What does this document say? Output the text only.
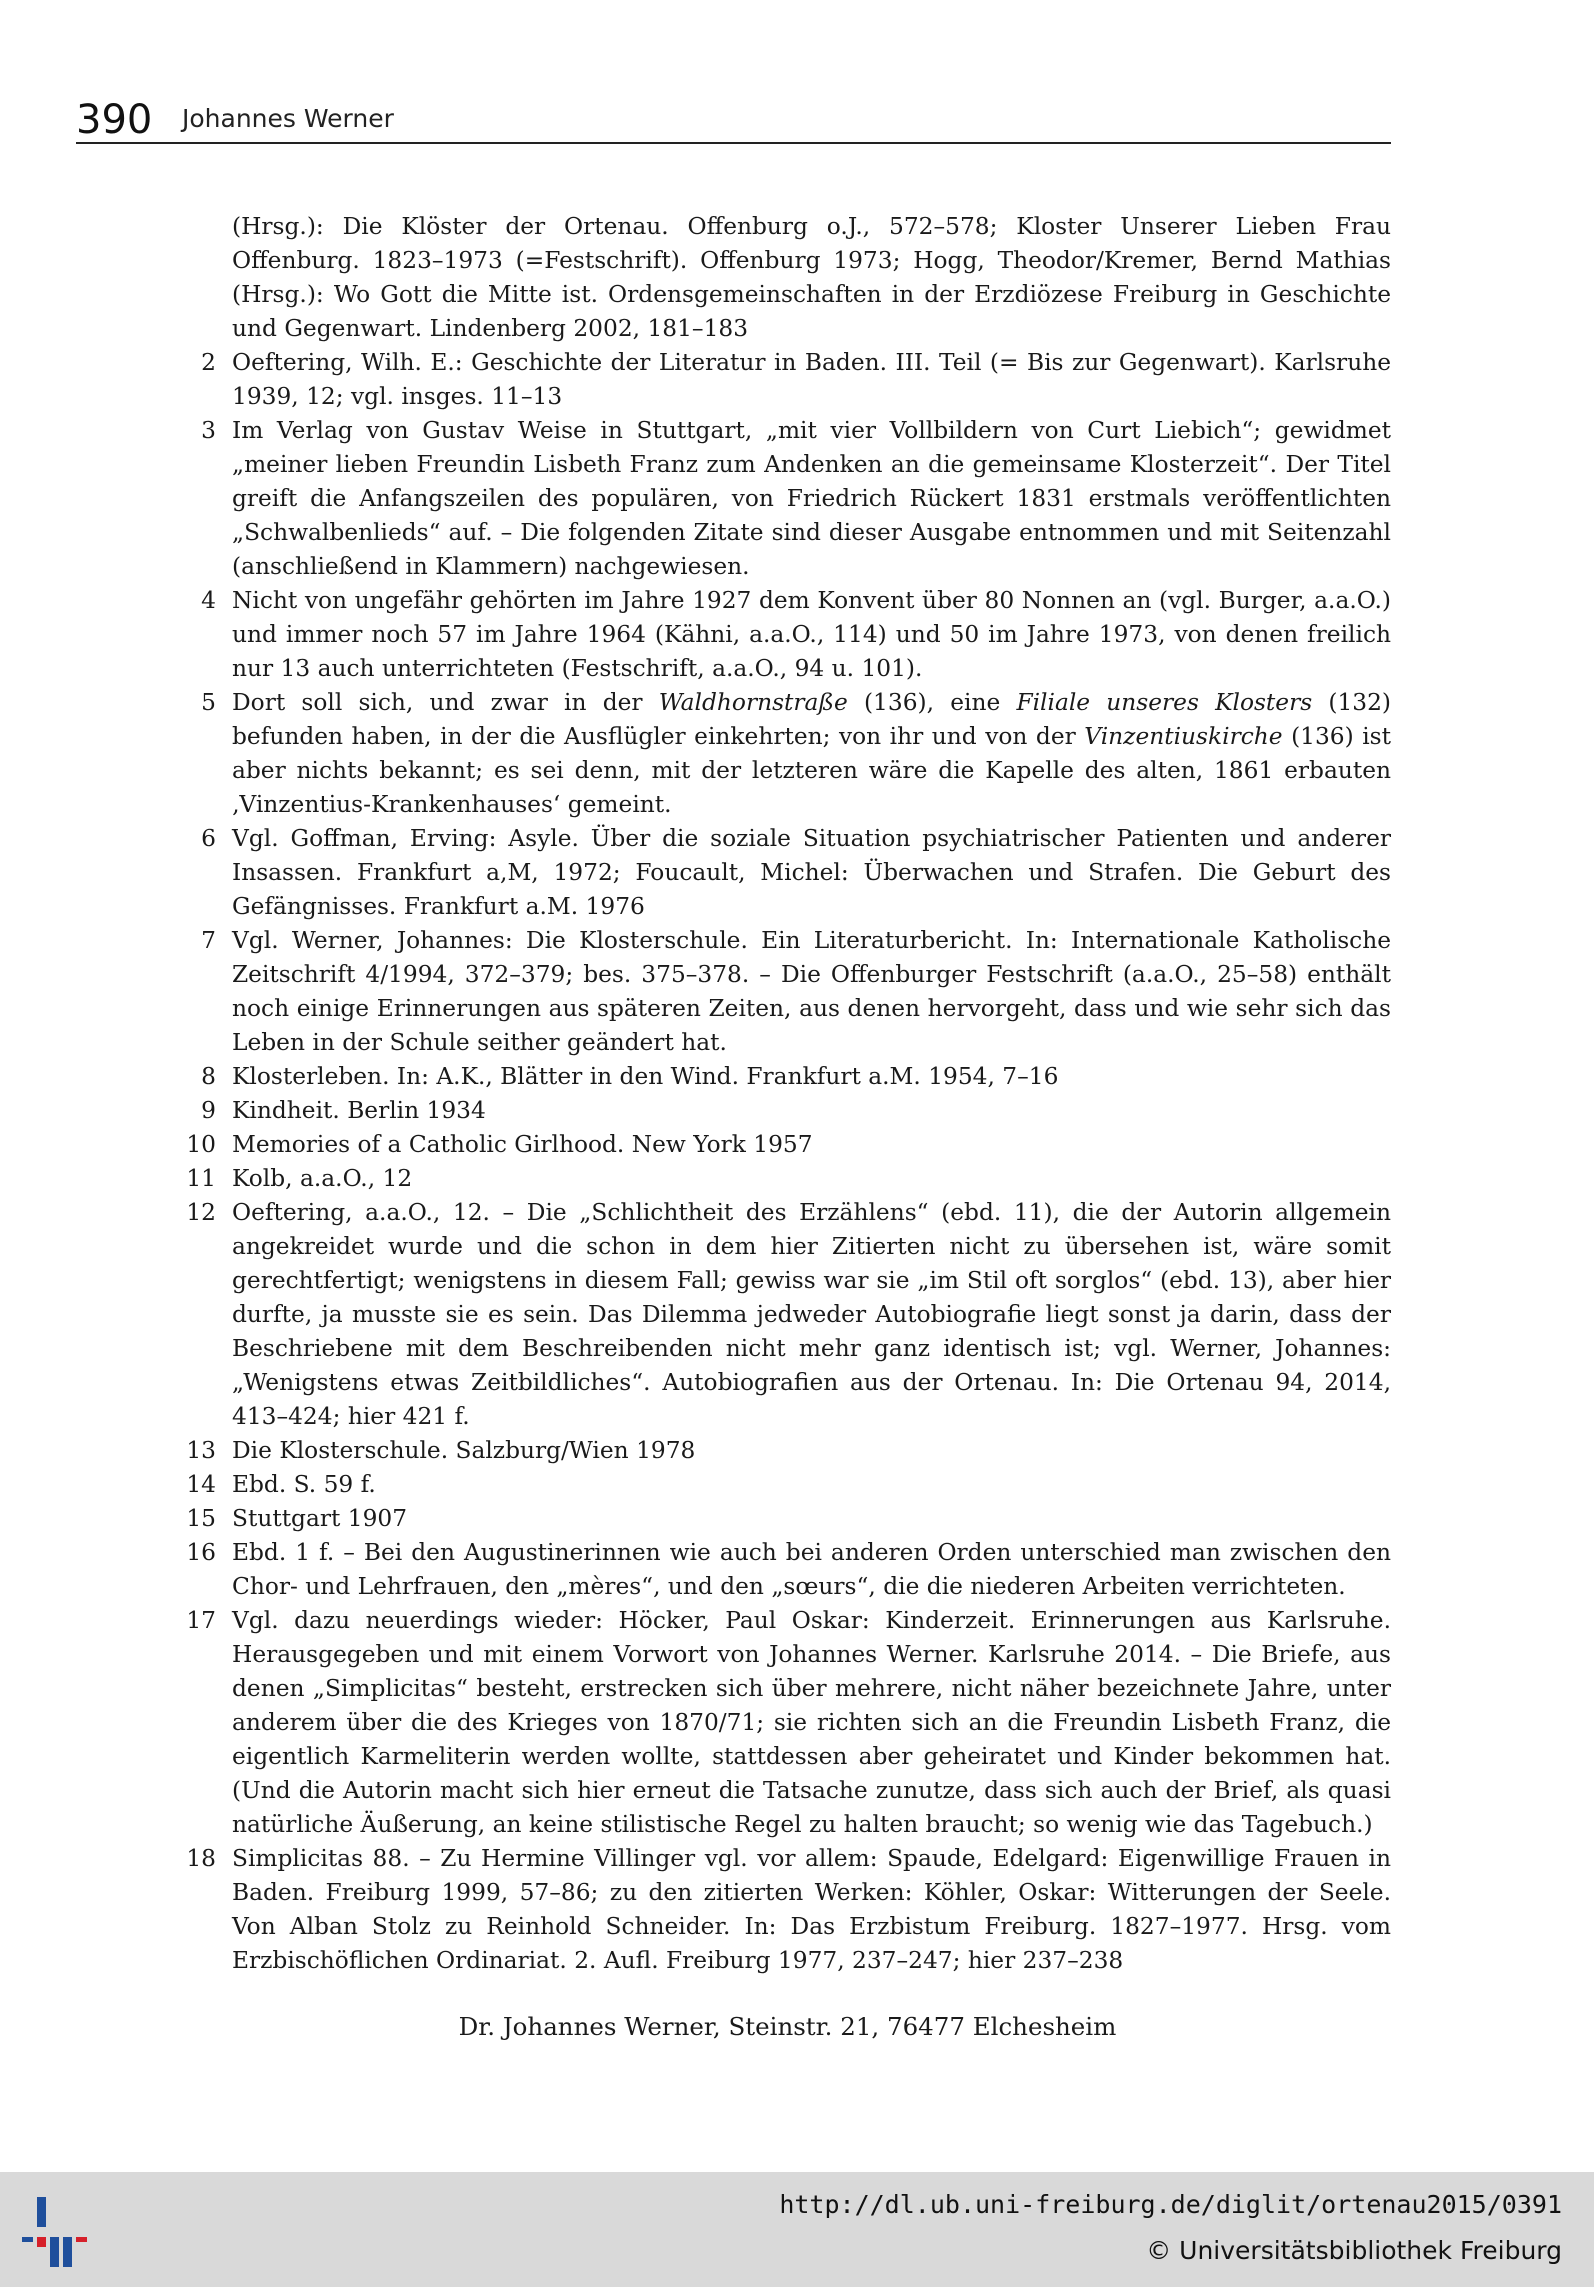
390 Johannes Werner
(Hrsg.): Die Klöster der Ortenau. Offenburg o.J., 572–578; Kloster Unserer Lieben Frau Offenburg. 1823–1973 (=Festschrift). Offenburg 1973; Hogg, Theodor/Kremer, Bernd Mathias (Hrsg.): Wo Gott die Mitte ist. Ordensgemeinschaften in der Erzdiözese Freiburg in Geschichte und Gegenwart. Lindenberg 2002, 181–183
2 Oeftering, Wilh. E.: Geschichte der Literatur in Baden. III. Teil (= Bis zur Gegenwart). Karlsruhe 1939, 12; vgl. insges. 11–13
3 Im Verlag von Gustav Weise in Stuttgart, „mit vier Vollbildern von Curt Liebich“; gewidmet „meiner lieben Freundin Lisbeth Franz zum Andenken an die gemeinsame Klosterzeit“. Der Titel greift die Anfangszeilen des populären, von Friedrich Rückert 1831 erstmals veröffentlichten „Schwalbenlieds“ auf. – Die folgenden Zitate sind dieser Ausgabe entnommen und mit Seitenzahl (anschließend in Klammern) nachgewiesen.
4 Nicht von ungefähr gehörten im Jahre 1927 dem Konvent über 80 Nonnen an (vgl. Burger, a.a.O.) und immer noch 57 im Jahre 1964 (Kähni, a.a.O., 114) und 50 im Jahre 1973, von denen freilich nur 13 auch unterrichteten (Festschrift, a.a.O., 94 u. 101).
5 Dort soll sich, und zwar in der Waldhornstraße (136), eine Filiale unseres Klosters (132) befunden haben, in der die Ausflügler einkehrten; von ihr und von der Vinzentiuskirche (136) ist aber nichts bekannt; es sei denn, mit der letzteren wäre die Kapelle des alten, 1861 erbauten ‚Vinzentius-Krankenhauses‘ gemeint.
6 Vgl. Goffman, Erving: Asyle. Über die soziale Situation psychiatrischer Patienten und anderer Insassen. Frankfurt a,M, 1972; Foucault, Michel: Überwachen und Strafen. Die Geburt des Gefängnisses. Frankfurt a.M. 1976
7 Vgl. Werner, Johannes: Die Klosterschule. Ein Literaturbericht. In: Internationale Katholische Zeitschrift 4/1994, 372–379; bes. 375–378. – Die Offenburger Festschrift (a.a.O., 25–58) enthält noch einige Erinnerungen aus späteren Zeiten, aus denen hervorgeht, dass und wie sehr sich das Leben in der Schule seither geändert hat.
8 Klosterleben. In: A.K., Blätter in den Wind. Frankfurt a.M. 1954, 7–16
9 Kindheit. Berlin 1934
10 Memories of a Catholic Girlhood. New York 1957
11 Kolb, a.a.O., 12
12 Oeftering, a.a.O., 12. – Die „Schlichtheit des Erzählens“ (ebd. 11), die der Autorin allgemein angekreidet wurde und die schon in dem hier Zitierten nicht zu übersehen ist, wäre somit gerechtfertigt; wenigstens in diesem Fall; gewiss war sie „im Stil oft sorglos“ (ebd. 13), aber hier durfte, ja musste sie es sein. Das Dilemma jedweder Autobiografie liegt sonst ja darin, dass der Beschriebene mit dem Beschreibenden nicht mehr ganz identisch ist; vgl. Werner, Johannes: „Wenigstens etwas Zeitbildliches“. Autobiografien aus der Ortenau. In: Die Ortenau 94, 2014, 413–424; hier 421 f.
13 Die Klosterschule. Salzburg/Wien 1978
14 Ebd. S. 59 f.
15 Stuttgart 1907
16 Ebd. 1 f. – Bei den Augustinerinnen wie auch bei anderen Orden unterschied man zwischen den Chor- und Lehrfrauen, den „mères“, und den „sœurs“, die die niederen Arbeiten verrichteten.
17 Vgl. dazu neuerdings wieder: Höcker, Paul Oskar: Kinderzeit. Erinnerungen aus Karlsruhe. Herausgegeben und mit einem Vorwort von Johannes Werner. Karlsruhe 2014. – Die Briefe, aus denen „Simplicitas“ besteht, erstrecken sich über mehrere, nicht näher bezeichnete Jahre, unter anderem über die des Krieges von 1870/71; sie richten sich an die Freundin Lisbeth Franz, die eigentlich Karmeliterin werden wollte, stattdessen aber geheiratet und Kinder bekommen hat. (Und die Autorin macht sich hier erneut die Tatsache zunutze, dass sich auch der Brief, als quasi natürliche Äußerung, an keine stilistische Regel zu halten braucht; so wenig wie das Tagebuch.)
18 Simplicitas 88. – Zu Hermine Villinger vgl. vor allem: Spaude, Edelgard: Eigenwillige Frauen in Baden. Freiburg 1999, 57–86; zu den zitierten Werken: Köhler, Oskar: Witterungen der Seele. Von Alban Stolz zu Reinhold Schneider. In: Das Erzbistum Freiburg. 1827–1977. Hrsg. vom Erzbischöflichen Ordinariat. 2. Aufl. Freiburg 1977, 237–247; hier 237–238
Dr. Johannes Werner, Steinstr. 21, 76477 Elchesheim
http://dl.ub.uni-freiburg.de/diglit/ortenau2015/0391
© Universitätsbibliothek Freiburg
